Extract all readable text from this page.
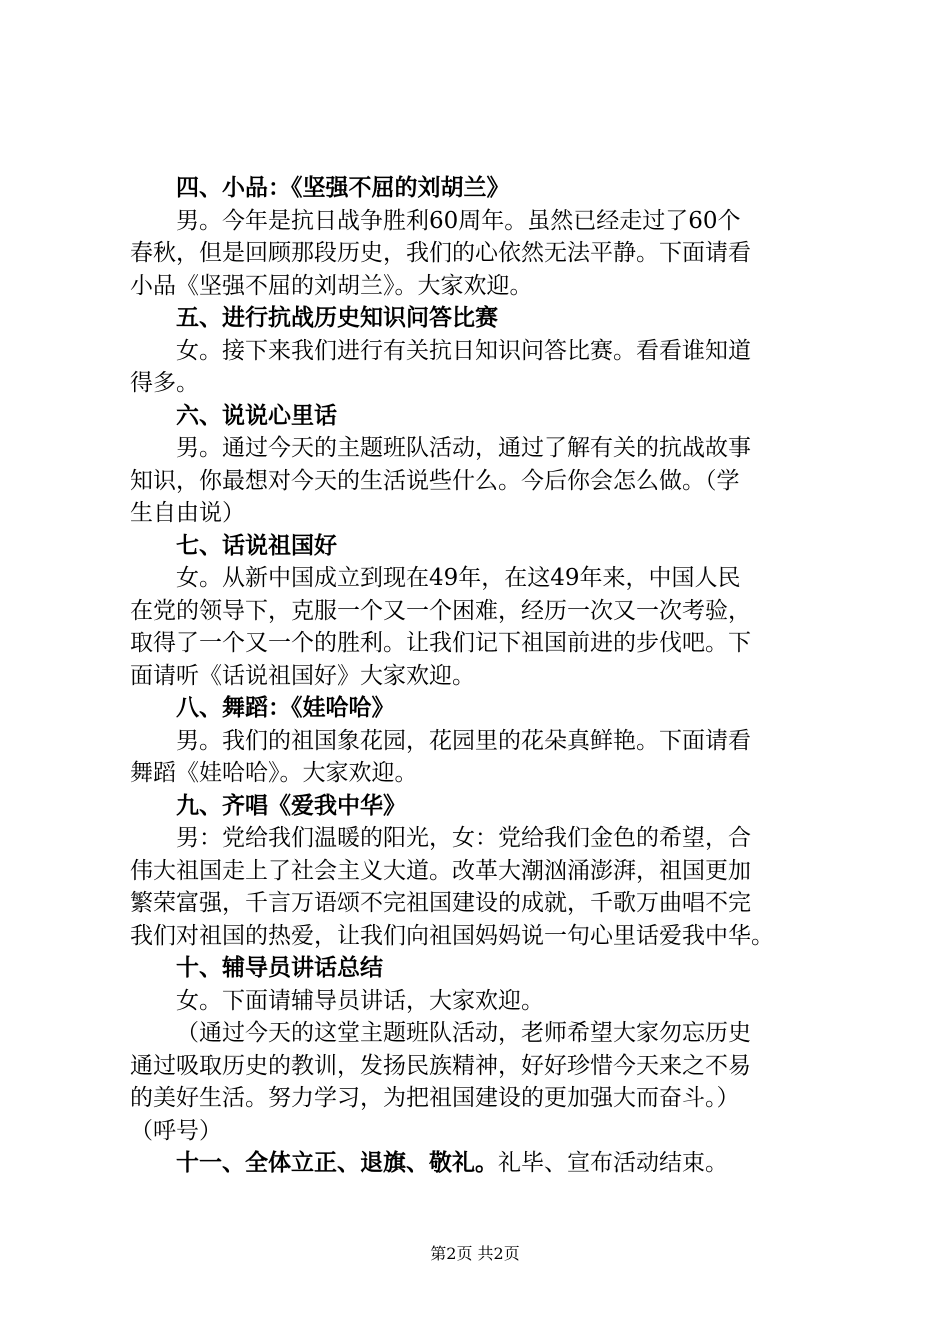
四、小品：《坚强不屈的刘胡兰》
男。今年是抗日战争胜利60周年。虽然已经走过了60个
春秋，但是回顾那段历史，我们的心依然无法平静。下面请看
小品《坚强不屈的刘胡兰》。大家欢迎。
五、进行抗战历史知识问答比赛
女。接下来我们进行有关抗日知识问答比赛。看看谁知道
得多。
六、说说心里话
男。通过今天的主题班队活动，通过了解有关的抗战故事
知识，你最想对今天的生活说些什么。今后你会怎么做。（学
生自由说）
七、话说祖国好
女。从新中国成立到现在49年，在这49年来，中国人民
在党的领导下，克服一个又一个困难，经历一次又一次考验，
取得了一个又一个的胜利。让我们记下祖国前进的步伐吧。下
面请听《话说祖国好》大家欢迎。
八、舞蹈：《娃哈哈》
男。我们的祖国象花园，花园里的花朵真鲜艳。下面请看
舞蹈《娃哈哈》。大家欢迎。
九、齐唱《爱我中华》
男：党给我们温暖的阳光，女：党给我们金色的希望，合
伟大祖国走上了社会主义大道。改革大潮汹涌澎湃，祖国更加
繁荣富强，千言万语颂不完祖国建设的成就，千歌万曲唱不完
我们对祖国的热爱，让我们向祖国妈妈说一句心里话爱我中华。
十、辅导员讲话总结
女。下面请辅导员讲话，大家欢迎。
（通过今天的这堂主题班队活动，老师希望大家勿忘历史
通过吸取历史的教训，发扬民族精神，好好珍惜今天来之不易
的美好生活。努力学习，为把祖国建设的更加强大而奋斗。）
（呼号）
十一、全体立正、退旗、敬礼。礼毕、宣布活动结束。
第2页 共2页
